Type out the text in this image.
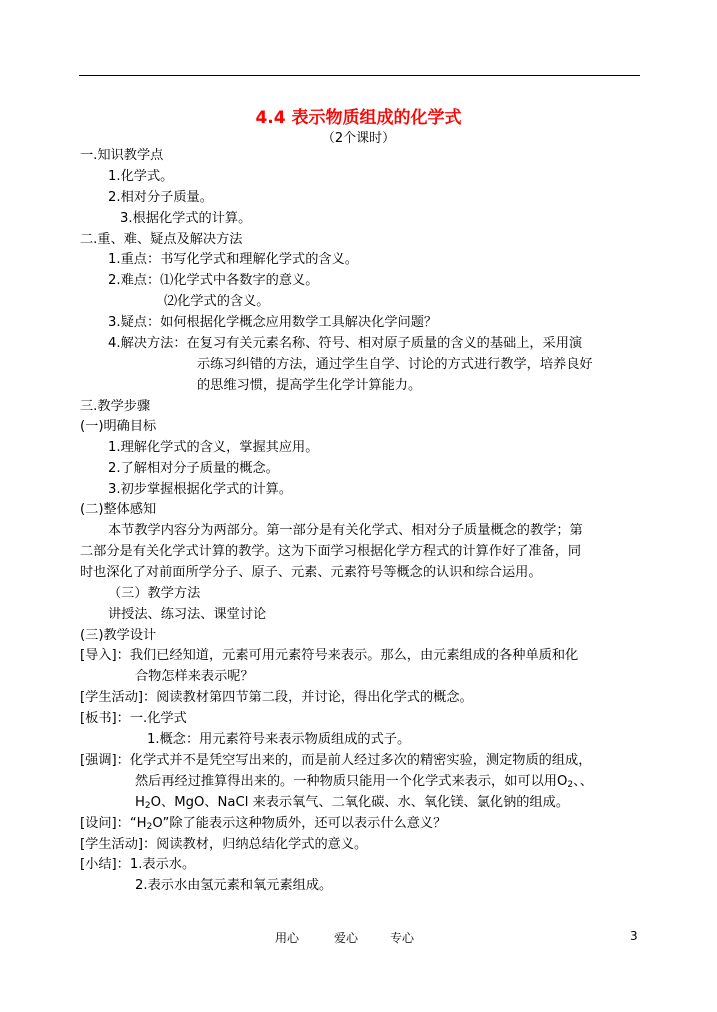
4.4 表示物质组成的化学式
（2个课时）
一.知识教学点
1.化学式。
2.相对分子质量。
3.根据化学式的计算。
二.重、难、疑点及解决方法
1.重点：书写化学式和理解化学式的含义。
2.难点：⑴化学式中各数字的意义。
⑵化学式的含义。
3.疑点：如何根据化学概念应用数学工具解决化学问题？
4.解决方法：在复习有关元素名称、符号、相对原子质量的含义的基础上，采用演
示练习纠错的方法，通过学生自学、讨论的方式进行教学，培养良好
的思维习惯，提高学生化学计算能力。
三.教学步骤
(一)明确目标
1.理解化学式的含义，掌握其应用。
2.了解相对分子质量的概念。
3.初步掌握根据化学式的计算。
(二)整体感知
本节教学内容分为两部分。第一部分是有关化学式、相对分子质量概念的教学；第
二部分是有关化学式计算的教学。这为下面学习根据化学方程式的计算作好了准备，同
时也深化了对前面所学分子、原子、元素、元素符号等概念的认识和综合运用。
（三）教学方法
讲授法、练习法、课堂讨论
(三)教学设计
[导入]：我们已经知道，元素可用元素符号来表示。那么，由元素组成的各种单质和化
合物怎样来表示呢？
[学生活动]：阅读教材第四节第二段，并讨论，得出化学式的概念。
[板书]：一.化学式
1.概念：用元素符号来表示物质组成的式子。
[强调]：化学式并不是凭空写出来的，而是前人经过多次的精密实验，测定物质的组成，
然后再经过推算得出来的。一种物质只能用一个化学式来表示，如可以用$O_2$、、
$H_2O$、MgO、NaCl 来表示氧气、二氧化碳、水、氧化镁、氯化钠的组成。
[设问]：“$H_2O$”除了能表示这种物质外，还可以表示什么意义？
[学生活动]：阅读教材，归纳总结化学式的意义。
[小结]：1.表示水。
2.表示水由氢元素和氧元素组成。
用心	爱心	专心	3
